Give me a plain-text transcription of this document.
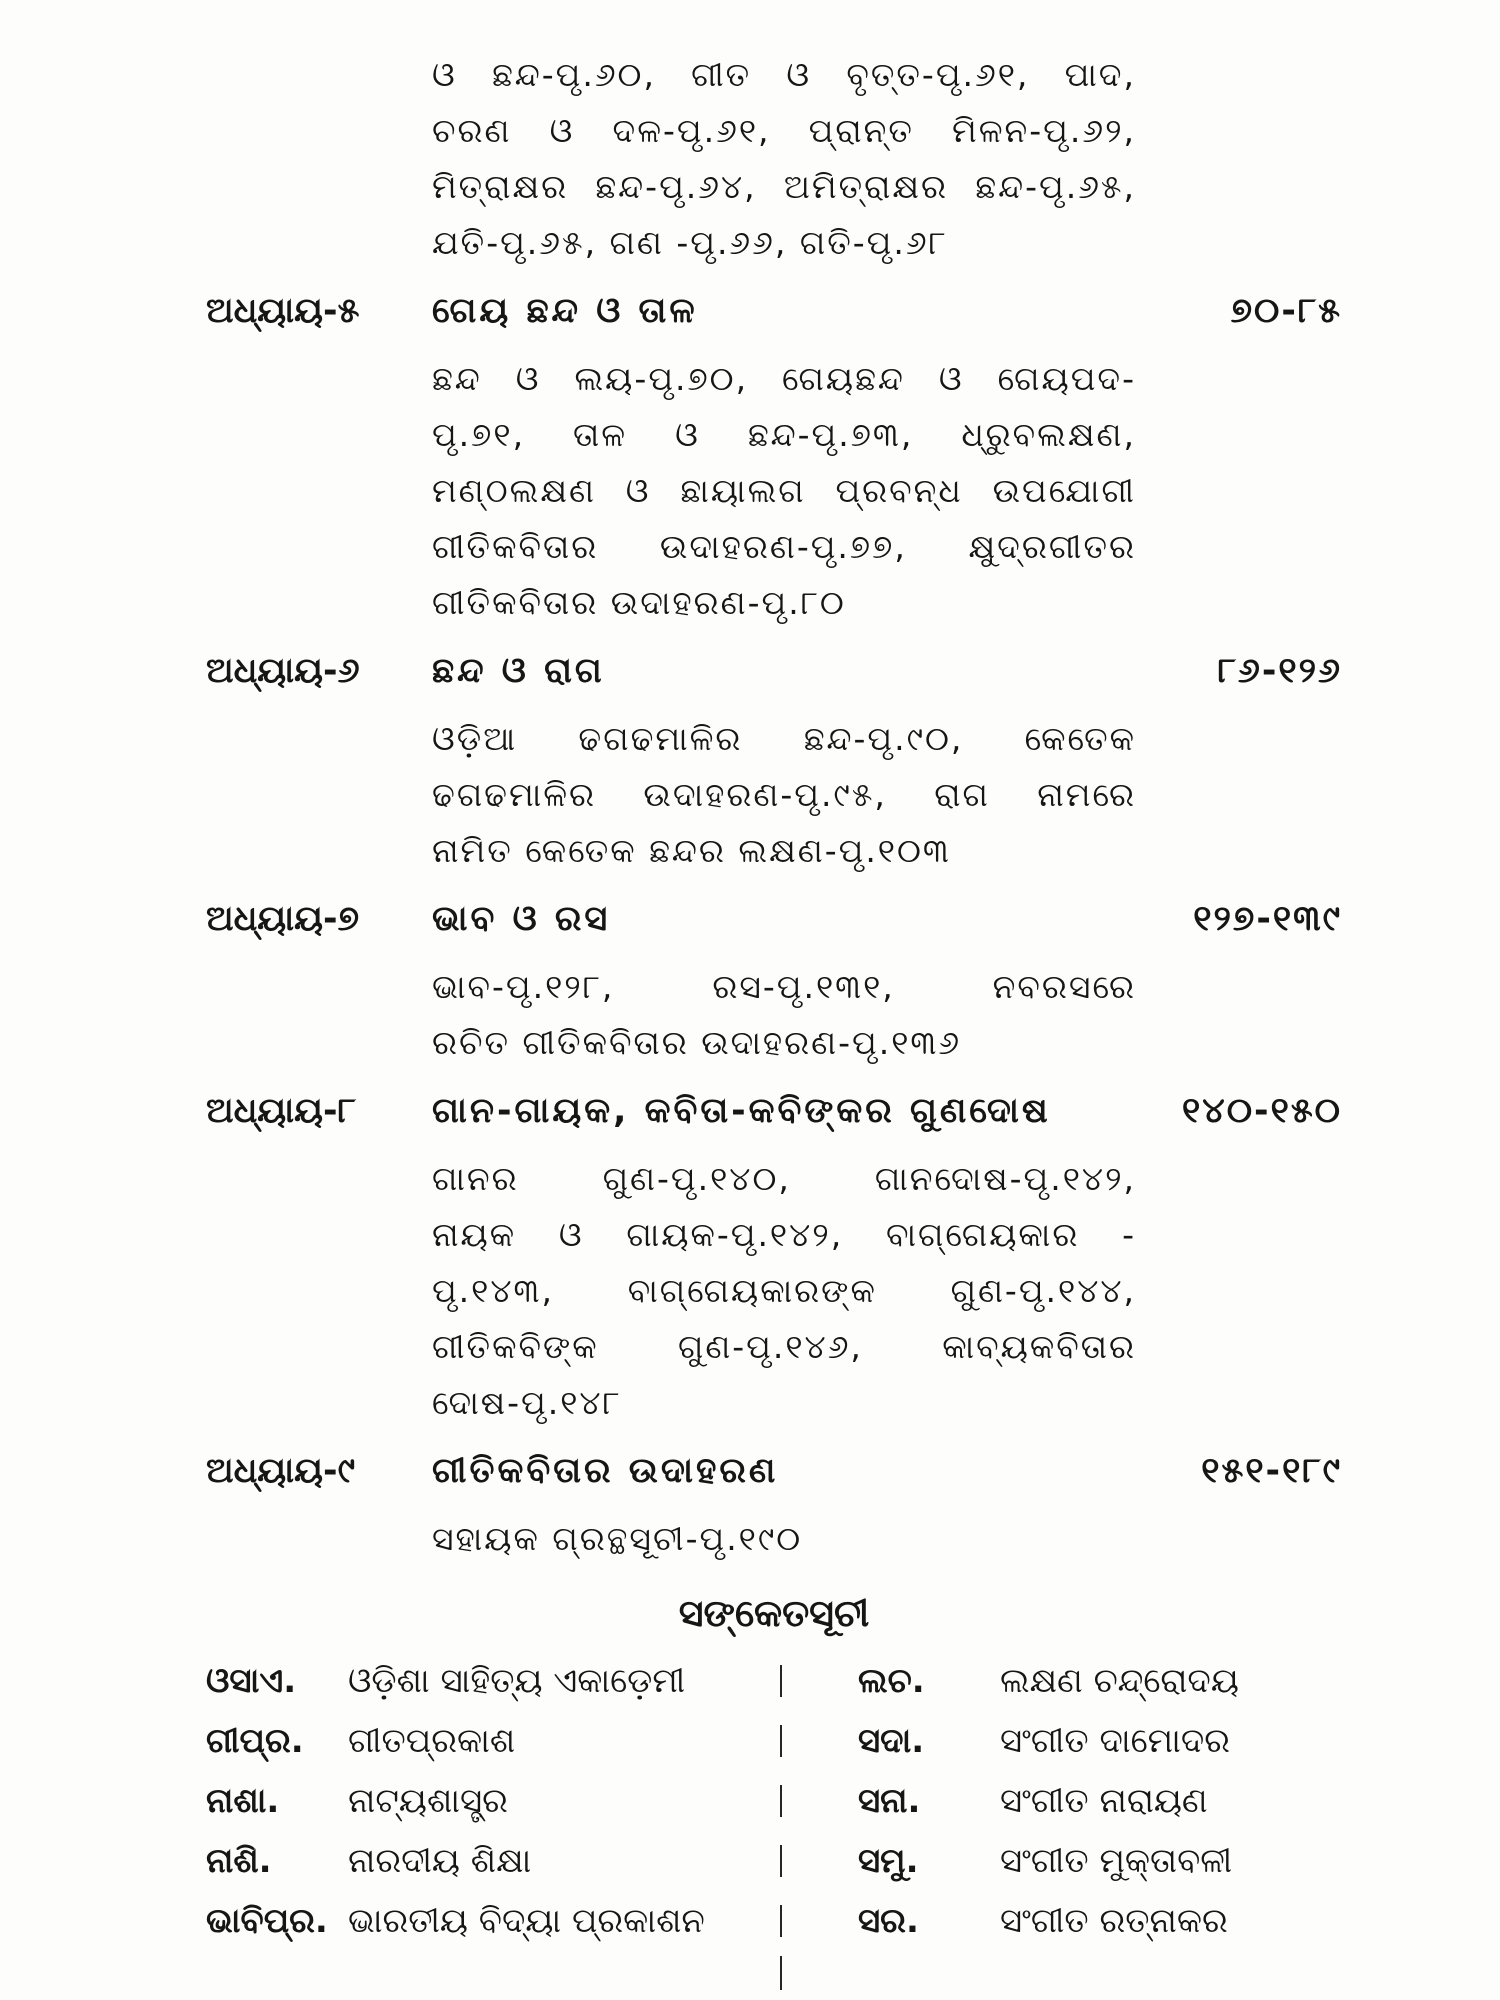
ଓ ଛନ୍ଦ-ପୃ.୬୦, ଗୀତ ଓ ବୃତ୍ତ-ପୃ.୬୧, ପାଦ,
ଚରଣ ଓ ଦଳ-ପୃ.୬୧, ପ୍ରାନ୍ତ ମିଳନ-ପୃ.୬୨,
ମିତ୍ରାକ୍ଷର ଛନ୍ଦ-ପୃ.୬୪, ଅମିତ୍ରାକ୍ଷର ଛନ୍ଦ-ପୃ.୬୫,
ଯତି-ପୃ.୬୫, ଗଣ -ପୃ.୬୬, ଗତି-ପୃ.୬୮
ଅଧ୍ୟାୟ-୫	ଗେୟ ଛନ୍ଦ ଓ ତାଳ	୭୦-୮୫
ଛନ୍ଦ ଓ ଲୟ-ପୃ.୭୦, ଗେୟଛନ୍ଦ ଓ ଗେୟପଦ-
ପୃ.୭୧, ତାଳ ଓ ଛନ୍ଦ-ପୃ.୭୩, ଧ୍ରୁବଲକ୍ଷଣ,
ମଣ୍ଠଲକ୍ଷଣ ଓ ଛାୟାଲଗ ପ୍ରବନ୍ଧ ଉପଯୋଗୀ
ଗୀତିକବିତାର ଉଦାହରଣ-ପୃ.୭୭, କ୍ଷୁଦ୍ରଗୀତର
ଗୀତିକବିତାର ଉଦାହରଣ-ପୃ.୮୦
ଅଧ୍ୟାୟ-୬	ଛନ୍ଦ ଓ ରାଗ	୮୬-୧୨୬
ଓଡ଼ିଆ ଢଗଢମାଳିର ଛନ୍ଦ-ପୃ.୯୦, କେତେକ
ଢଗଢମାଳିର ଉଦାହରଣ-ପୃ.୯୫, ରାଗ ନାମରେ
ନାମିତ କେତେକ ଛନ୍ଦର ଲକ୍ଷଣ-ପୃ.୧୦୩
ଅଧ୍ୟାୟ-୭	ଭାବ ଓ ରସ	୧୨୭-୧୩୯
ଭାବ-ପୃ.୧୨୮, ରସ-ପୃ.୧୩୧, ନବରସରେ
ରଚିତ ଗୀତିକବିତାର ଉଦାହରଣ-ପୃ.୧୩୬
ଅଧ୍ୟାୟ-୮	ଗାନ-ଗାୟକ, କବିତା-କବିଙ୍କର ଗୁଣଦୋଷ	୧୪୦-୧୫୦
ଗାନର ଗୁଣ-ପୃ.୧୪୦, ଗାନଦୋଷ-ପୃ.୧୪୨,
ନାୟକ ଓ ଗାୟକ-ପୃ.୧୪୨, ବାଗ୍‌ଗେୟକାର -
ପୃ.୧୪୩, ବାଗ୍‌ଗେୟକାରଙ୍କ ଗୁଣ-ପୃ.୧୪୪,
ଗୀତିକବିଙ୍କ ଗୁଣ-ପୃ.୧୪୬, କାବ୍ୟକବିତାର
ଦୋଷ-ପୃ.୧୪୮
ଅଧ୍ୟାୟ-୯	ଗୀତିକବିତାର ଉଦାହରଣ	୧୫୧-୧୮୯
ସହାୟକ ଗ୍ରନ୍ଥସୂଚୀ-ପୃ.୧୯୦
ସଙ୍କେତସୂଚୀ
ଓସାଏ.	ଓଡ଼ିଶା ସାହିତ୍ୟ ଏକାଡ଼େମୀ	ଲଚ.	ଲକ୍ଷଣ ଚନ୍ଦ୍ରୋଦୟ
ଗୀପ୍ର.	ଗୀତପ୍ରକାଶ	ସଦା.	ସଂଗୀତ ଦାମୋଦର
ନାଶା.	ନାଟ୍ୟଶାସ୍ତ୍ର	ସନା.	ସଂଗୀତ ନାରାୟଣ
ନାଶି.	ନାରଦୀୟ ଶିକ୍ଷା	ସମୁ.	ସଂଗୀତ ମୁକ୍ତାବଳୀ
ଭାବିପ୍ର. ଭାରତୀୟ ବିଦ୍ୟା ପ୍ରକାଶନ	ସର.	ସଂଗୀତ ରତ୍ନାକର
